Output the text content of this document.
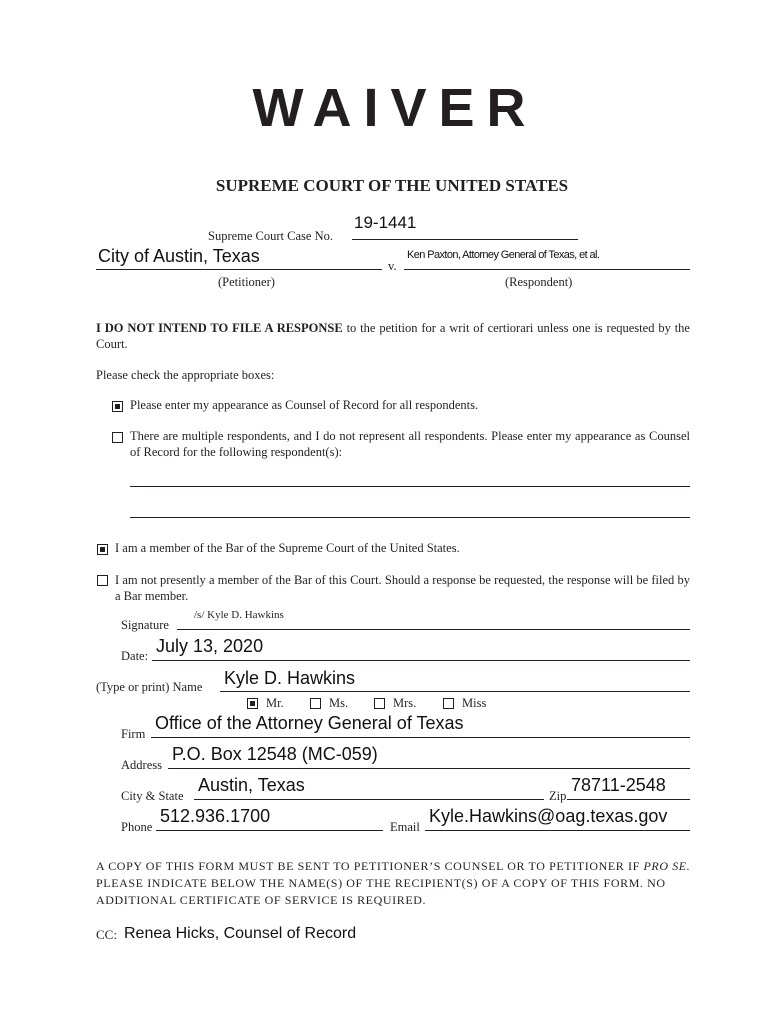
WAIVER
SUPREME COURT OF THE UNITED STATES
Supreme Court Case No.
19-1441
City of Austin, Texas	v.
Ken Paxton, Attorney General of Texas, et al.
(Petitioner)	(Respondent)
I DO NOT INTEND TO FILE A RESPONSE to the petition for a writ of certiorari unless one is requested by the Court.
Please check the appropriate boxes:
Please enter my appearance as Counsel of Record for all respondents.
There are multiple respondents, and I do not represent all respondents. Please enter my appearance as Counsel of Record for the following respondent(s):
I am a member of the Bar of the Supreme Court of the United States.
I am not presently a member of the Bar of this Court. Should a response be requested, the response will be filed by a Bar member.
Signature
/s/ Kyle D. Hawkins
Date: July 13, 2020
(Type or print) Name Kyle D. Hawkins
Mr.	Ms.	Mrs.	Miss
Firm
Office of the Attorney General of Texas
Address
P.O. Box 12548 (MC-059)
City & State
Austin, Texas
Zip
78711-2548
Phone
512.936.1700
Email
Kyle.Hawkins@oag.texas.gov
A COPY OF THIS FORM MUST BE SENT TO PETITIONER’S COUNSEL OR TO PETITIONER IF PRO SE. PLEASE INDICATE BELOW THE NAME(S) OF THE RECIPIENT(S) OF A COPY OF THIS FORM. NO ADDITIONAL CERTIFICATE OF SERVICE IS REQUIRED.
CC: Renea Hicks, Counsel of Record
